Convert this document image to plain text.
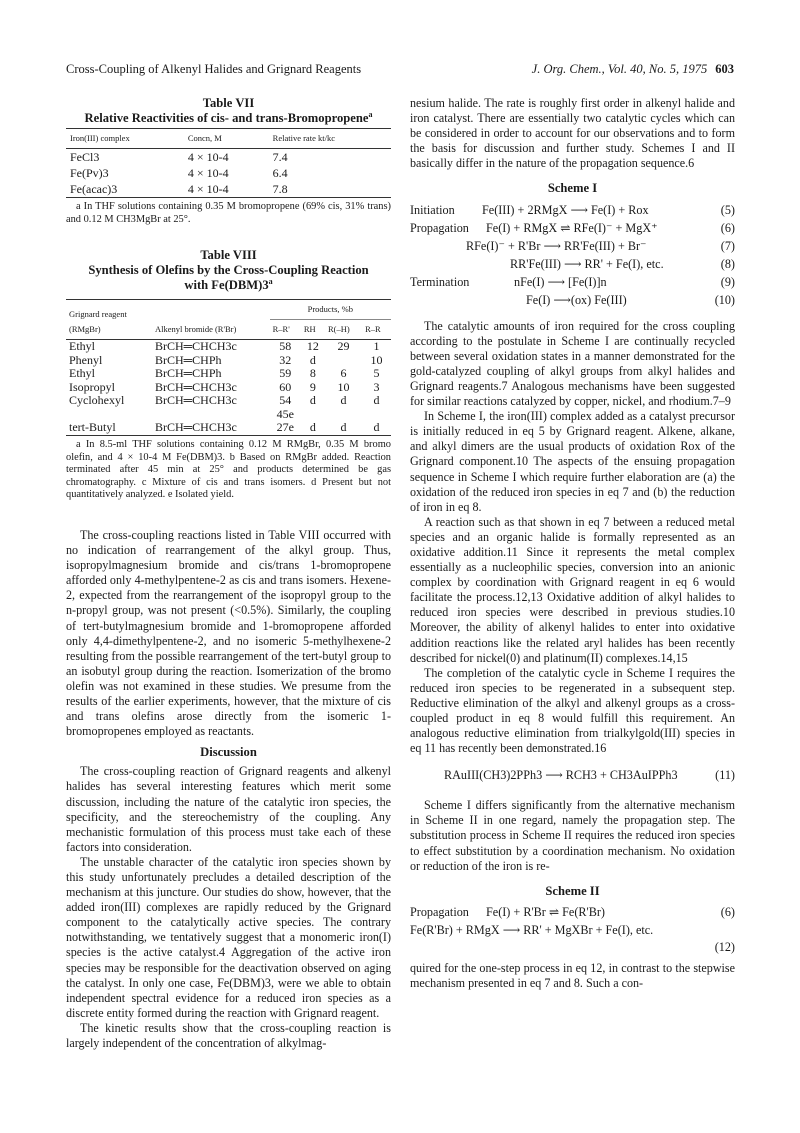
Cross-Coupling of Alkenyl Halides and Grignard Reagents	J. Org. Chem., Vol. 40, No. 5, 1975 603
Table VII
Relative Reactivities of cis- and trans-Bromopropene$^a$
Iron(III) complex	Concn, M	Relative rate kt/kc
FeCl3	4 × 10-4	7.4
Fe(Pv)3	4 × 10-4	6.4
Fe(acac)3	4 × 10-4	7.8
a In THF solutions containing 0.35 M bromopropene (69% cis, 31% trans) and 0.12 M CH3MgBr at 25°.
Table VIII
Synthesis of Olefins by the Cross-Coupling Reaction
with Fe(DBM)3$^a$
Grignard reagent (RMgBr)	Alkenyl bromide (R'Br)	Products, %b			
		R–R'	RH	R(–H)	R–R
Ethyl	BrCH═CHCH3c	58	12	29	1
Phenyl	BrCH═CHPh	32	d		10
Ethyl	BrCH═CHPh	59	8	6	5
Isopropyl	BrCH═CHCH3c	60	9	10	3
Cyclohexyl	BrCH═CHCH3c	54	d	d	d
		45e			
tert-Butyl	BrCH═CHCH3c	27e	d	d	d
a In 8.5-ml THF solutions containing 0.12 M RMgBr, 0.35 M bromo olefin, and 4 × 10-4 M Fe(DBM)3. b Based on RMgBr added. Reaction terminated after 45 min at 25° and products determined be gas chromatography. c Mixture of cis and trans isomers. d Present but not quantitatively analyzed. e Isolated yield.

The cross-coupling reactions listed in Table VIII occurred with no indication of rearrangement of the alkyl group. Thus, isopropylmagnesium bromide and cis/trans 1-bromopropene afforded only 4-methylpentene-2 as cis and trans isomers. Hexene-2, expected from the rearrangement of the isopropyl group to the n-propyl group, was not present (<0.5%). Similarly, the coupling of tert-butylmagnesium bromide and 1-bromopropene afforded only 4,4-dimethylpentene-2, and no isomeric 5-methylhexene-2 resulting from the possible rearrangement of the tert-butyl group to an isobutyl group during the reaction. Isomerization of the bromo olefin was not examined in these studies. We presume from the results of the earlier experiments, however, that the mixture of cis and trans olefins arose directly from the isomeric 1-bromopropenes employed as reactants.

Discussion

The cross-coupling reaction of Grignard reagents and alkenyl halides has several interesting features which merit some discussion, including the nature of the catalytic iron species, the specificity, and the stereochemistry of the coupling. Any mechanistic formulation of this process must take each of these factors into consideration.

The unstable character of the catalytic iron species shown by this study unfortunately precludes a detailed description of the mechanism at this juncture. Our studies do show, however, that the added iron(III) complexes are rapidly reduced by the Grignard component to the catalytically active species. The contrary notwithstanding, we tentatively suggest that a monomeric iron(I) species is the active catalyst.4 Aggregation of the active iron species may be responsible for the deactivation observed on aging the catalyst. In only one case, Fe(DBM)3, were we able to obtain independent spectral evidence for a reduced iron species as a discrete entity formed during the reaction with Grignard reagent.

The kinetic results show that the cross-coupling reaction is largely independent of the concentration of alkylmag-

nesium halide. The rate is roughly first order in alkenyl halide and iron catalyst. There are essentially two catalytic cycles which can be considered in order to account for our observations and to form the basis for discussion and further study. Schemes I and II basically differ in the nature of the propagation sequence.6

Scheme I
Initiation Fe(III) + 2RMgX ⟶ Fe(I) + Rox	(5)
Propagation Fe(I) + RMgX ⇌ RFe(I)⁻ + MgX⁺	(6)
RFe(I)⁻ + R'Br ⟶ RR'Fe(III) + Br⁻	(7)
RR'Fe(III) ⟶ RR' + Fe(I), etc.	(8)
Termination	nFe(I) ⟶ [Fe(I)]n	(9)
Fe(I) ⟶(ox) Fe(III)	(10)

The catalytic amounts of iron required for the cross coupling according to the postulate in Scheme I are continually recycled between several oxidation states in a manner demonstrated for the gold-catalyzed coupling of alkyl groups from alkyl halides and Grignard reagents.7 Analogous mechanisms have been suggested for similar reactions catalyzed by copper, nickel, and rhodium.7–9

In Scheme I, the iron(III) complex added as a catalyst precursor is initially reduced in eq 5 by Grignard reagent. Alkene, alkane, and alkyl dimers are the usual products of oxidation Rox of the Grignard component.10 The aspects of the ensuing propagation sequence in Scheme I which require further elaboration are (a) the oxidation of the reduced iron species in eq 7 and (b) the reduction of iron in eq 8.

A reaction such as that shown in eq 7 between a reduced metal species and an organic halide is formally represented as an oxidative addition.11 Since it represents the metal complex essentially as a nucleophilic species, conversion into an anionic complex by coordination with Grignard reagent in eq 6 would facilitate the process.12,13 Oxidative addition of alkyl halides to reduced iron species were described in previous studies.10 Moreover, the ability of alkenyl halides to enter into oxidative addition reactions like the related aryl halides has been recently described for nickel(0) and platinum(II) complexes.14,15

The completion of the catalytic cycle in Scheme I requires the reduced iron species to be regenerated in a subsequent step. Reductive elimination of the alkyl and alkenyl groups as a cross-coupled product in eq 8 would fulfill this requirement. An analogous reductive elimination from trialkylgold(III) species in eq 11 has recently been demonstrated.16

RAuIII(CH3)2PPh3 ⟶ RCH3 + CH3AuIPPh3	(11)

Scheme I differs significantly from the alternative mechanism in Scheme II in one regard, namely the propagation step. The substitution process in Scheme II requires the reduced iron species to effect substitution by a coordination mechanism. No oxidation or reduction of the iron is re-

Scheme II
Propagation Fe(I) + R'Br ⇌ Fe(R'Br)	(6)
Fe(R'Br) + RMgX ⟶ RR' + MgXBr + Fe(I), etc.
(12)

quired for the one-step process in eq 12, in contrast to the stepwise mechanism presented in eq 7 and 8. Such a con-
